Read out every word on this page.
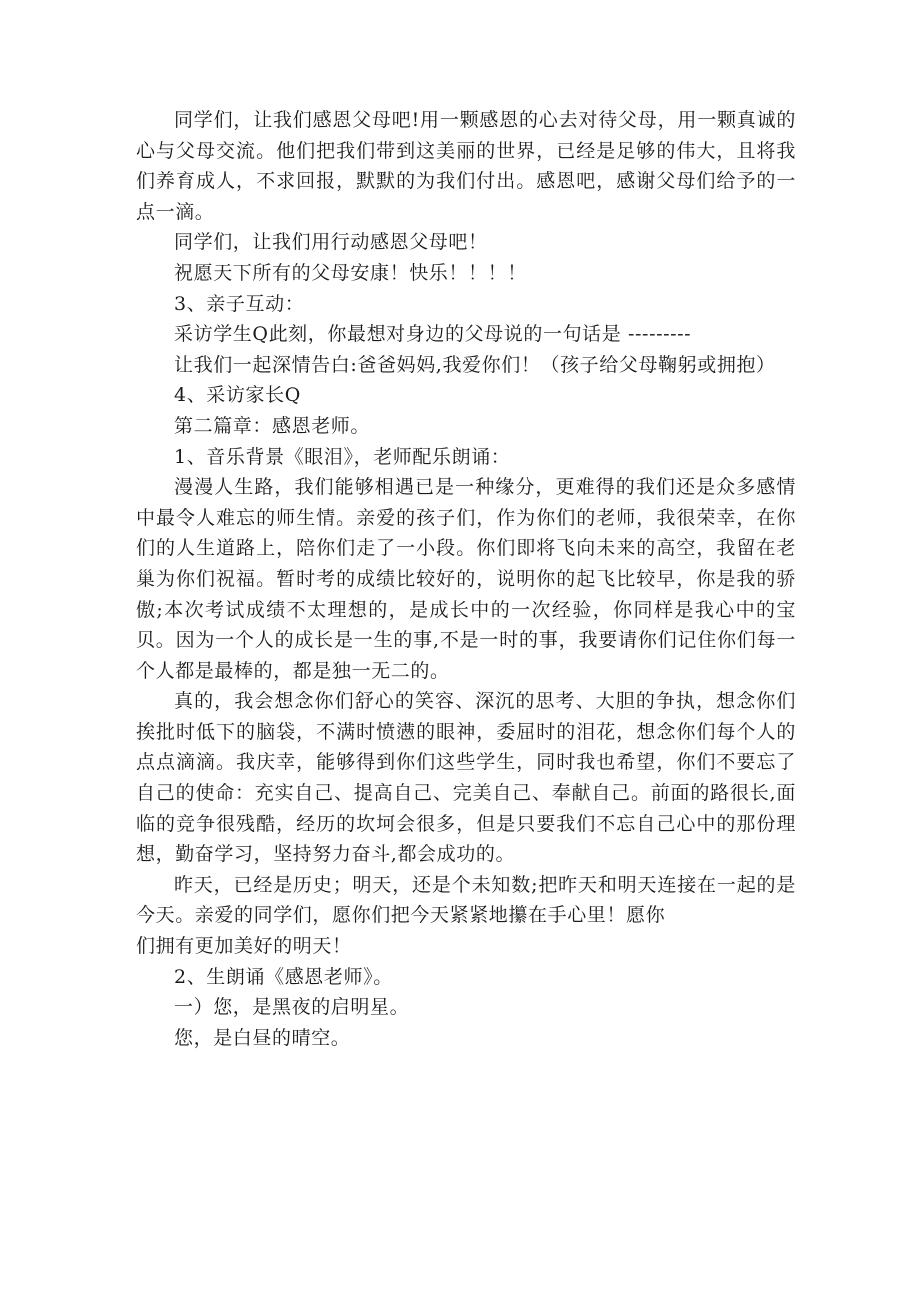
同学们，让我们感恩父母吧!用一颗感恩的心去对待父母，用一颗真诚的心与父母交流。他们把我们带到这美丽的世界，已经是足够的伟大，且将我们养育成人，不求回报，默默的为我们付出。感恩吧，感谢父母们给予的一点一滴。

同学们，让我们用行动感恩父母吧！

祝愿天下所有的父母安康！快乐！！！！

3、亲子互动：

采访学生Q此刻，你最想对身边的父母说的一句话是 ---------

让我们一起深情告白:爸爸妈妈,我爱你们！（孩子给父母鞠躬或拥抱）

4、采访家长Q

第二篇章：感恩老师。

1、音乐背景《眼泪》，老师配乐朗诵：

漫漫人生路，我们能够相遇已是一种缘分，更难得的我们还是众多感情中最令人难忘的师生情。亲爱的孩子们，作为你们的老师，我很荣幸，在你们的人生道路上，陪你们走了一小段。你们即将飞向未来的高空，我留在老巢为你们祝福。暂时考的成绩比较好的，说明你的起飞比较早，你是我的骄傲;本次考试成绩不太理想的，是成长中的一次经验，你同样是我心中的宝贝。因为一个人的成长是一生的事,不是一时的事，我要请你们记住你们每一个人都是最棒的，都是独一无二的。

真的，我会想念你们舒心的笑容、深沉的思考、大胆的争执，想念你们挨批时低下的脑袋，不满时愤懑的眼神，委屈时的泪花，想念你们每个人的点点滴滴。我庆幸，能够得到你们这些学生，同时我也希望，你们不要忘了自己的使命：充实自己、提高自己、完美自己、奉献自己。前面的路很长,面临的竞争很残酷，经历的坎坷会很多，但是只要我们不忘自己心中的那份理想，勤奋学习，坚持努力奋斗,都会成功的。

昨天，已经是历史；明天，还是个未知数;把昨天和明天连接在一起的是今天。亲爱的同学们，愿你们把今天紧紧地攥在手心里！愿你

们拥有更加美好的明天！

2、生朗诵《感恩老师》。

一）您，是黑夜的启明星。

您，是白昼的晴空。
